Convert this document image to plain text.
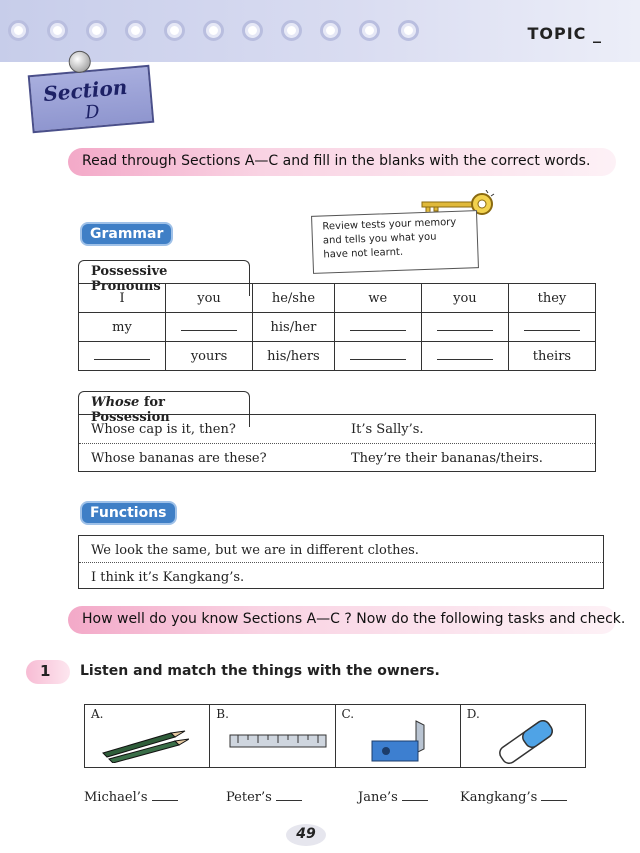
TOPIC _
Section
D
Read through Sections A—C and fill in the blanks with the correct words.
Grammar
Review tests your memory
and tells you what you
have not learnt.
Possessive Pronouns
I	you	he/she	we	you	they
my		his/her			
	yours	his/hers			theirs
Whose for Possession
Whose cap is it, then?	It’s Sally’s.
Whose bananas are these?	They’re their bananas/theirs.
Functions
We look the same, but we are in different clothes.
I think it’s Kangkang’s.
How well do you know Sections A—C ? Now do the following tasks and check.
1	Listen and match the things with the owners.
A.	B.	C.	D.
Michael’s	Peter’s	Jane’s	Kangkang’s
49
